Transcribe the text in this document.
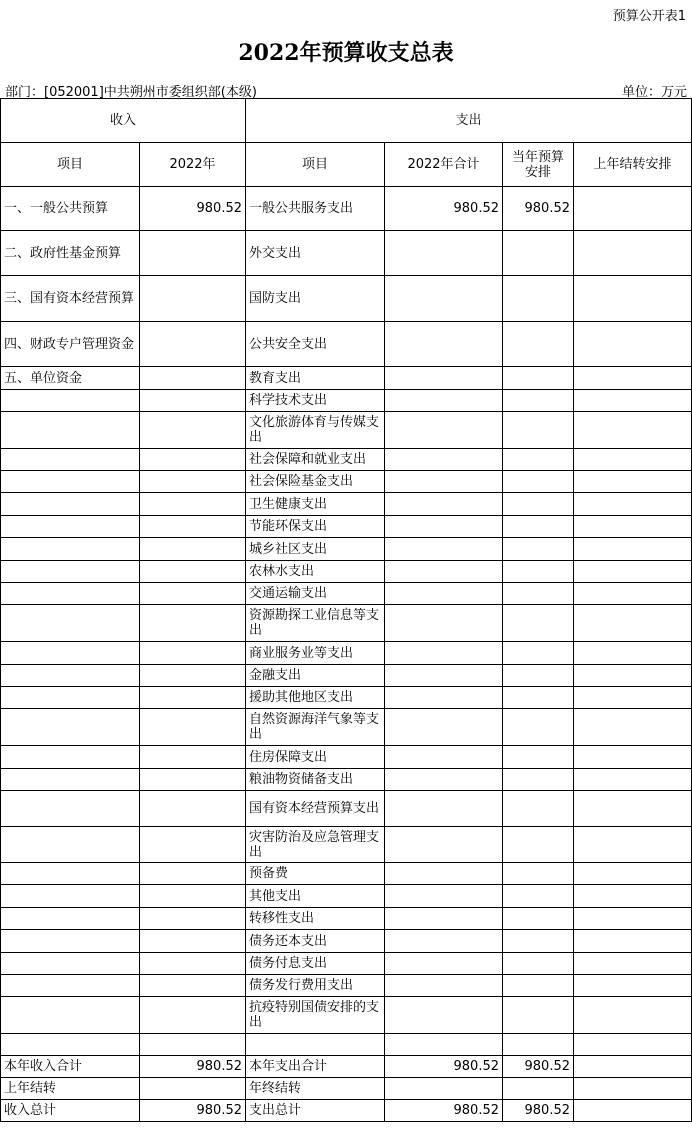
预算公开表1
2022年预算收支总表
部门：[052001]中共朔州市委组织部(本级)	单位：万元
收入		支出			
项目	2022年	项目	2022年合计	当年预算安排	上年结转安排
一、一般公共预算	980.52	一般公共服务支出	980.52	980.52	
二、政府性基金预算		外交支出			
三、国有资本经营预算		国防支出			
四、财政专户管理资金		公共安全支出			
五、单位资金		教育支出			
		科学技术支出			
		文化旅游体育与传媒支出			
		社会保障和就业支出			
		社会保险基金支出			
		卫生健康支出			
		节能环保支出			
		城乡社区支出			
		农林水支出			
		交通运输支出			
		资源勘探工业信息等支出			
		商业服务业等支出			
		金融支出			
		援助其他地区支出			
		自然资源海洋气象等支出			
		住房保障支出			
		粮油物资储备支出			
		国有资本经营预算支出			
		灾害防治及应急管理支出			
		预备费			
		其他支出			
		转移性支出			
		债务还本支出			
		债务付息支出			
		债务发行费用支出			
		抗疫特别国债安排的支出			

本年收入合计	980.52	本年支出合计	980.52	980.52	
上年结转		年终结转			
收入总计	980.52	支出总计	980.52	980.52	
